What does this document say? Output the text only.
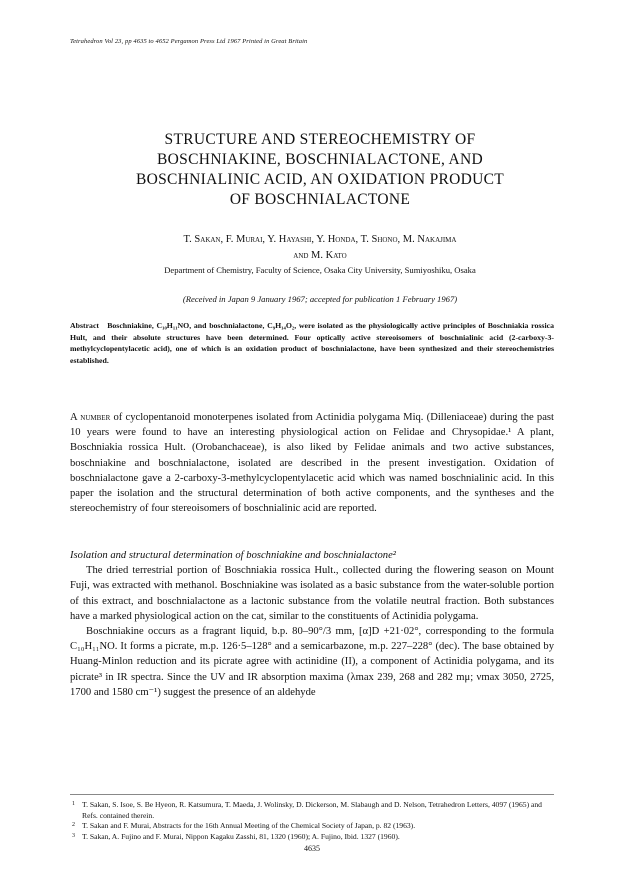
Tetrahedron Vol 23, pp 4635 to 4652 Pergamon Press Ltd 1967 Printed in Great Britain
STRUCTURE AND STEREOCHEMISTRY OF
BOSCHNIAKINE, BOSCHNIALACTONE, AND
BOSCHNIALINIC ACID, AN OXIDATION PRODUCT
OF BOSCHNIALACTONE
T. Sakan, F. Murai, Y. Hayashi, Y. Honda, T. Shono, M. Nakajima
and M. Kato
Department of Chemistry, Faculty of Science, Osaka City University, Sumiyoshiku, Osaka
(Received in Japan 9 January 1967; accepted for publication 1 February 1967)
Abstract Boschniakine, C₁₀H₁₁NO, and boschnialactone, C₉H₁₄O₂, were isolated as the physiologically active principles of Boschniakia rossica Hult, and their absolute structures have been determined. Four optically active stereoisomers of boschnialinic acid (2-carboxy-3-methylcyclopentylacetic acid), one of which is an oxidation product of boschnialactone, have been synthesized and their stereochemistries established.

A number of cyclopentanoid monoterpenes isolated from Actinidia polygama Miq. (Dilleniaceae) during the past 10 years were found to have an interesting physiological action on Felidae and Chrysopidae.¹ A plant, Boschniakia rossica Hult. (Orobanchaceae), is also liked by Felidae animals and two active substances, boschniakine and boschnialactone, isolated are described in the present investigation. Oxidation of boschnialactone gave a 2-carboxy-3-methylcyclopentylacetic acid which was named boschnialinic acid. In this paper the isolation and the structural determination of both active components, and the syntheses and the stereochemistry of four stereoisomers of boschnialinic acid are reported.

Isolation and structural determination of boschniakine and boschnialactone²

The dried terrestrial portion of Boschniakia rossica Hult., collected during the flowering season on Mount Fuji, was extracted with methanol. Boschniakine was isolated as a basic substance from the water-soluble portion of this extract, and boschnialactone as a lactonic substance from the volatile neutral fraction. Both substances have a marked physiological action on the cat, similar to the constituents of Actinidia polygama.

Boschniakine occurs as a fragrant liquid, b.p. 80–90°/3 mm, [α]D +21·02°, corresponding to the formula C₁₀H₁₁NO. It forms a picrate, m.p. 126·5–128° and a semicarbazone, m.p. 227–228° (dec). The base obtained by Huang-Minlon reduction and its picrate agree with actinidine (II), a component of Actinidia polygama, and its picrate³ in IR spectra. Since the UV and IR absorption maxima (λmax 239, 268 and 282 mμ; νmax 3050, 2725, 1700 and 1580 cm⁻¹) suggest the presence of an aldehyde

1 T. Sakan, S. Isoe, S. Be Hyeon, R. Katsumura, T. Maeda, J. Wolinsky, D. Dickerson, M. Slabaugh and D. Nelson, Tetrahedron Letters, 4097 (1965) and Refs. contained therein.
2 T. Sakan and F. Murai, Abstracts for the 16th Annual Meeting of the Chemical Society of Japan, p. 82 (1963).
3 T. Sakan, A. Fujino and F. Murai, Nippon Kagaku Zasshi, 81, 1320 (1960); A. Fujino, Ibid. 1327 (1960).
4635
